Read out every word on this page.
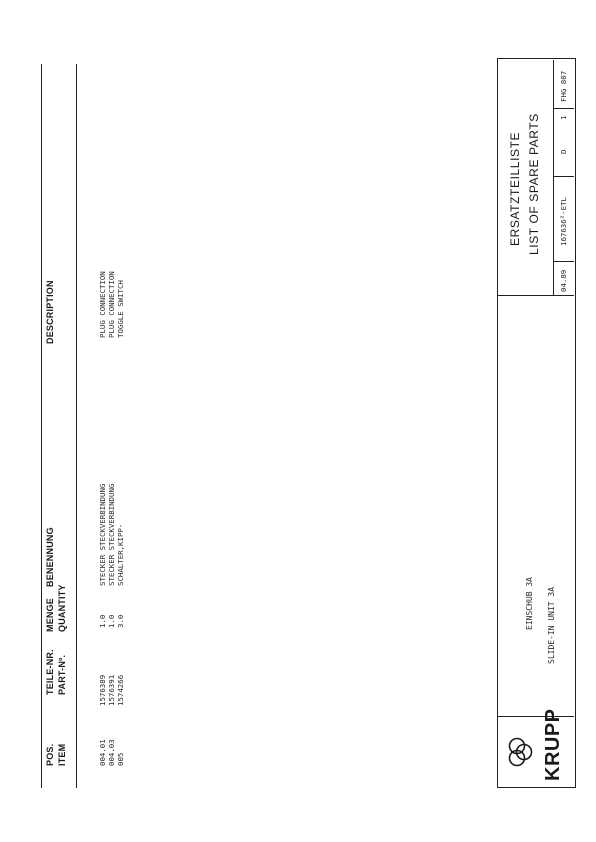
POS. ITEM
TEILE-NR. PART-Nº.
MENGE QUANTITY
BENENNUNG
DESCRIPTION
004.01 004.03 005
1576389 1576391 1574266
1.0 1.0 3.0
STECKER STECKVERBINDUNG STECKER STECKVERBINDUNG SCHALTER,KIPP-
PLUG CONNECTION PLUG CONNECTION TOGGLE SWITCH
KRUPP
EINSCHUB 3A SLIDE-IN UNIT 3A
ERSATZTEILLISTE LIST OF SPARE PARTS
04.89
167636²-ETL
D
1
FHG 807
